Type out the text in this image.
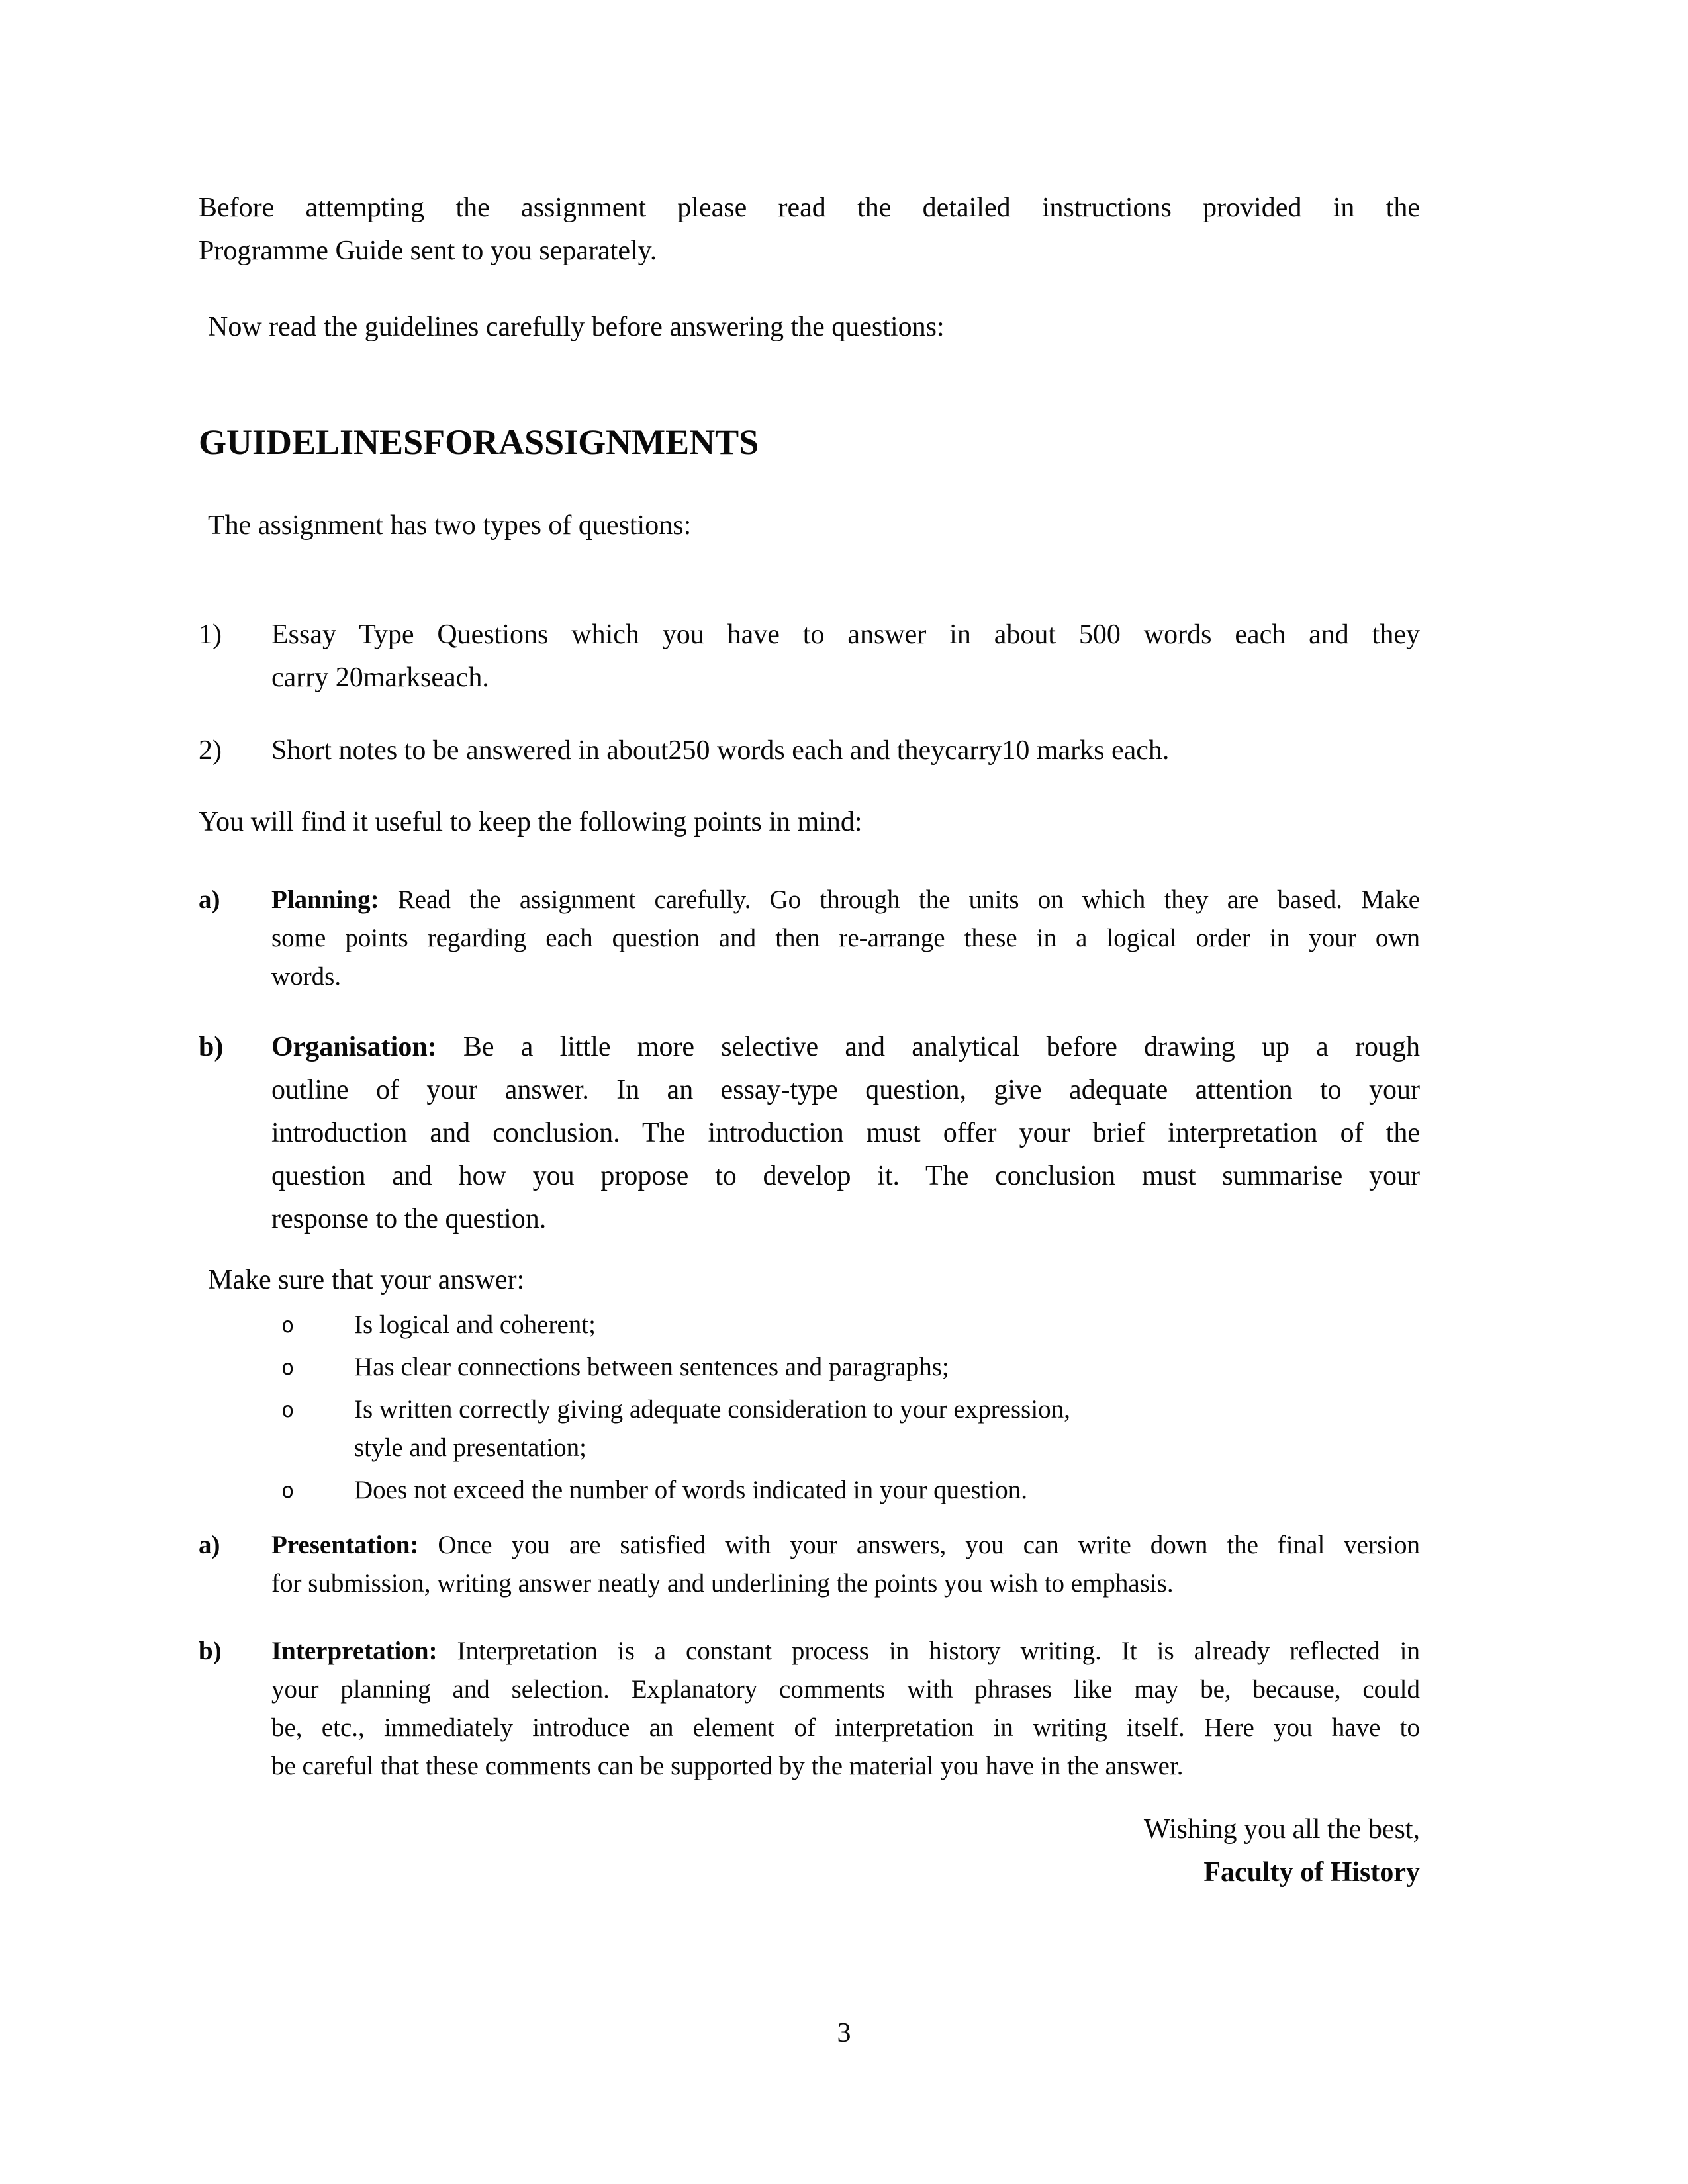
Before attempting the assignment please read the detailed instructions provided in the
Programme Guide sent to you separately.
Now read the guidelines carefully before answering the questions:
GUIDELINESFORASSIGNMENTS
The assignment has two types of questions:
1) Essay Type Questions which you have to answer in about 500 words each and they
carry 20markseach.
2) Short notes to be answered in about250 words each and theycarry10 marks each.
You will find it useful to keep the following points in mind:
a) Planning: Read the assignment carefully. Go through the units on which they are based. Make
some points regarding each question and then re-arrange these in a logical order in your own
words.
b) Organisation: Be a little more selective and analytical before drawing up a rough
outline of your answer. In an essay-type question, give adequate attention to your
introduction and conclusion. The introduction must offer your brief interpretation of the
question and how you propose to develop it. The conclusion must summarise your
response to the question.
Make sure that your answer:
o Is logical and coherent;
o Has clear connections between sentences and paragraphs;
o Is written correctly giving adequate consideration to your expression,
style and presentation;
o Does not exceed the number of words indicated in your question.
a) Presentation: Once you are satisfied with your answers, you can write down the final version
for submission, writing answer neatly and underlining the points you wish to emphasis.
b) Interpretation: Interpretation is a constant process in history writing. It is already reflected in
your planning and selection. Explanatory comments with phrases like may be, because, could
be, etc., immediately introduce an element of interpretation in writing itself. Here you have to
be careful that these comments can be supported by the material you have in the answer.
Wishing you all the best,
Faculty of History
3
